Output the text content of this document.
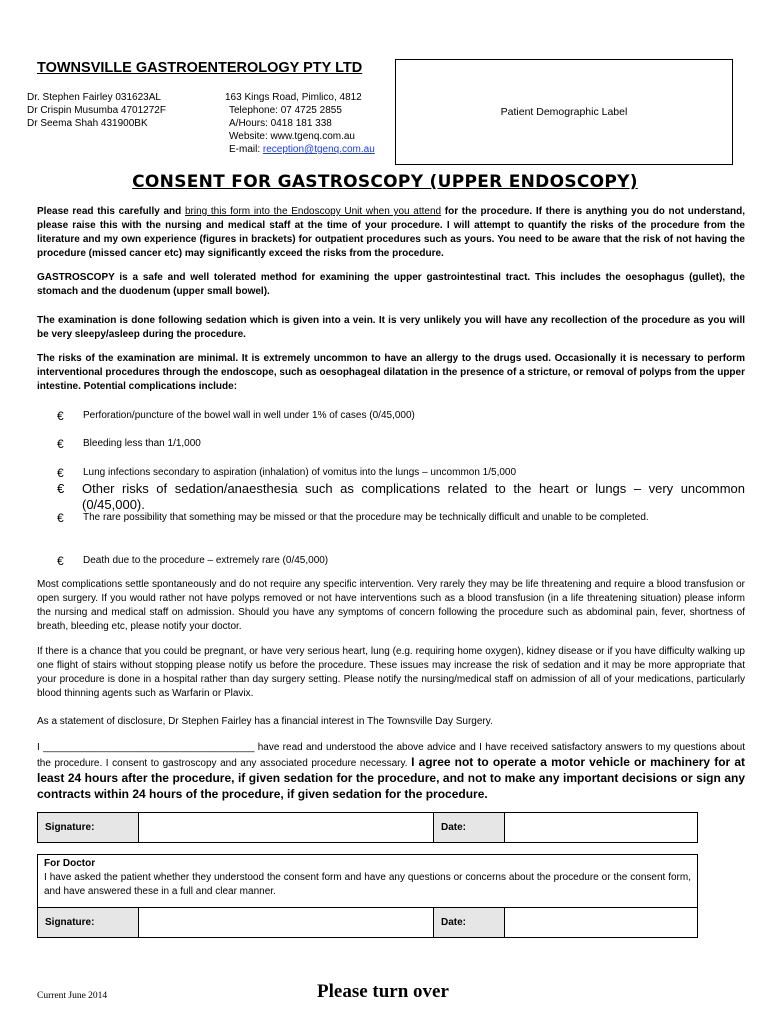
TOWNSVILLE GASTROENTEROLOGY PTY LTD
Dr. Stephen Fairley 031623AL
Dr Crispin Musumba 4701272F
Dr Seema Shah 431900BK
163 Kings Road, Pimlico, 4812
Telephone: 07 4725 2855
A/Hours: 0418 181 338
Website: www.tgenq.com.au
E-mail: reception@tgenq.com.au
Patient Demographic Label
CONSENT FOR GASTROSCOPY (UPPER ENDOSCOPY)
Please read this carefully and bring this form into the Endoscopy Unit when you attend for the procedure. If there is anything you do not understand, please raise this with the nursing and medical staff at the time of your procedure. I will attempt to quantify the risks of the procedure from the literature and my own experience (figures in brackets) for outpatient procedures such as yours. You need to be aware that the risk of not having the procedure (missed cancer etc) may significantly exceed the risks from the procedure.
GASTROSCOPY is a safe and well tolerated method for examining the upper gastrointestinal tract. This includes the oesophagus (gullet), the stomach and the duodenum (upper small bowel).
The examination is done following sedation which is given into a vein. It is very unlikely you will have any recollection of the procedure as you will be very sleepy/asleep during the procedure.
The risks of the examination are minimal. It is extremely uncommon to have an allergy to the drugs used. Occasionally it is necessary to perform interventional procedures through the endoscope, such as oesophageal dilatation in the presence of a stricture, or removal of polyps from the upper intestine. Potential complications include:
€ Perforation/puncture of the bowel wall in well under 1% of cases (0/45,000)
€ Bleeding less than 1/1,000
€ Lung infections secondary to aspiration (inhalation) of vomitus into the lungs – uncommon 1/5,000
€ Other risks of sedation/anaesthesia such as complications related to the heart or lungs – very uncommon (0/45,000).
€ The rare possibility that something may be missed or that the procedure may be technically difficult and unable to be completed.
€ Death due to the procedure – extremely rare (0/45,000)
Most complications settle spontaneously and do not require any specific intervention. Very rarely they may be life threatening and require a blood transfusion or open surgery. If you would rather not have polyps removed or not have interventions such as a blood transfusion (in a life threatening situation) please inform the nursing and medical staff on admission. Should you have any symptoms of concern following the procedure such as abdominal pain, fever, shortness of breath, bleeding etc, please notify your doctor.
If there is a chance that you could be pregnant, or have very serious heart, lung (e.g. requiring home oxygen), kidney disease or if you have difficulty walking up one flight of stairs without stopping please notify us before the procedure. These issues may increase the risk of sedation and it may be more appropriate that your procedure is done in a hospital rather than day surgery setting. Please notify the nursing/medical staff on admission of all of your medications, particularly blood thinning agents such as Warfarin or Plavix.
As a statement of disclosure, Dr Stephen Fairley has a financial interest in The Townsville Day Surgery.
I ______________________________________ have read and understood the above advice and I have received satisfactory answers to my questions about the procedure. I consent to gastroscopy and any associated procedure necessary. I agree not to operate a motor vehicle or machinery for at least 24 hours after the procedure, if given sedation for the procedure, and not to make any important decisions or sign any contracts within 24 hours of the procedure, if given sedation for the procedure.
Signature:		Date:	
For Doctor
I have asked the patient whether they understood the consent form and have any questions or concerns about the procedure or the consent form, and have answered these in a full and clear manner.
Signature:		Date:	
Current June 2014	Please turn over
